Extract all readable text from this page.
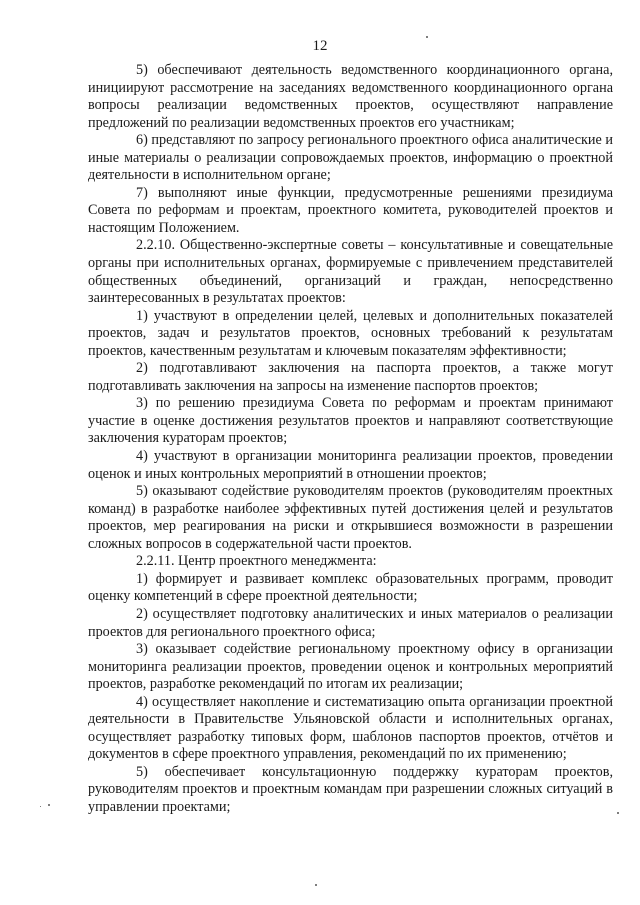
12

5) обеспечивают деятельность ведомственного координационного органа, инициируют рассмотрение на заседаниях ведомственного координационного органа вопросы реализации ведомственных проектов, осуществляют направление предложений по реализации ведомственных проектов его участникам;

6) представляют по запросу регионального проектного офиса аналитические и иные материалы о реализации сопровождаемых проектов, информацию о проектной деятельности в исполнительном органе;

7) выполняют иные функции, предусмотренные решениями президиума Совета по реформам и проектам, проектного комитета, руководителей проектов и настоящим Положением.

2.2.10. Общественно-экспертные советы – консультативные и совещательные органы при исполнительных органах, формируемые с привлечением представителей общественных объединений, организаций и граждан, непосредственно заинтересованных в результатах проектов:

1) участвуют в определении целей, целевых и дополнительных показателей проектов, задач и результатов проектов, основных требований к результатам проектов, качественным результатам и ключевым показателям эффективности;

2) подготавливают заключения на паспорта проектов, а также могут подготавливать заключения на запросы на изменение паспортов проектов;

3) по решению президиума Совета по реформам и проектам принимают участие в оценке достижения результатов проектов и направляют соответствующие заключения кураторам проектов;

4) участвуют в организации мониторинга реализации проектов, проведении оценок и иных контрольных мероприятий в отношении проектов;

5) оказывают содействие руководителям проектов (руководителям проектных команд) в разработке наиболее эффективных путей достижения целей и результатов проектов, мер реагирования на риски и открывшиеся возможности в разрешении сложных вопросов в содержательной части проектов.

2.2.11. Центр проектного менеджмента:

1) формирует и развивает комплекс образовательных программ, проводит оценку компетенций в сфере проектной деятельности;

2) осуществляет подготовку аналитических и иных материалов о реализации проектов для регионального проектного офиса;

3) оказывает содействие региональному проектному офису в организации мониторинга реализации проектов, проведении оценок и контрольных мероприятий проектов, разработке рекомендаций по итогам их реализации;

4) осуществляет накопление и систематизацию опыта организации проектной деятельности в Правительстве Ульяновской области и исполнительных органах, осуществляет разработку типовых форм, шаблонов паспортов проектов, отчётов и документов в сфере проектного управления, рекомендаций по их применению;

5) обеспечивает консультационную поддержку кураторам проектов, руководителям проектов и проектным командам при разрешении сложных ситуаций в управлении проектами;
